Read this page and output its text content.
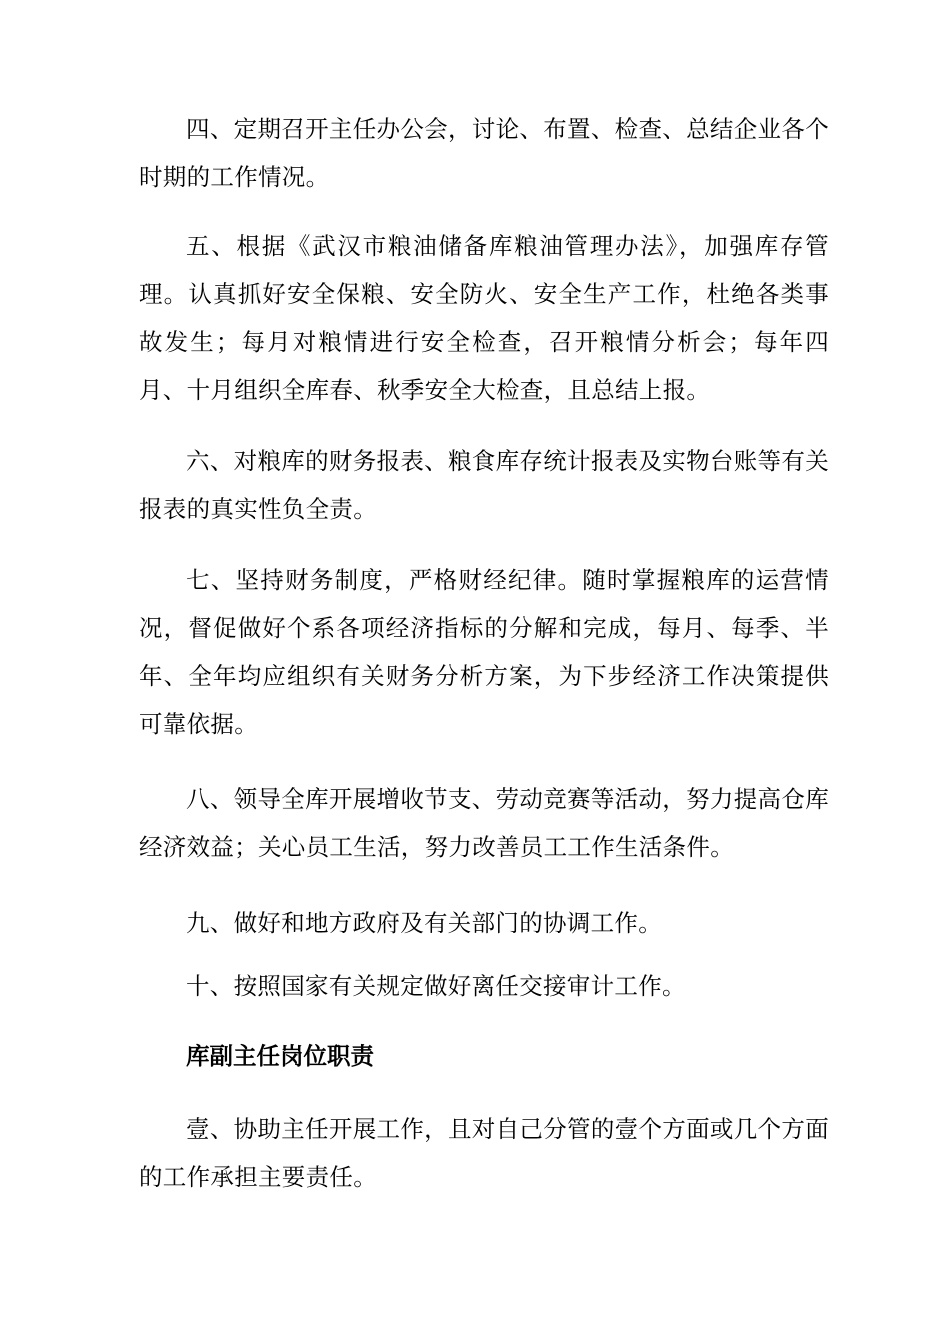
四、定期召开主任办公会，讨论、布置、检查、总结企业各个时期的工作情况。

五、根据《武汉市粮油储备库粮油管理办法》，加强库存管理。认真抓好安全保粮、安全防火、安全生产工作，杜绝各类事故发生；每月对粮情进行安全检查，召开粮情分析会；每年四月、十月组织全库春、秋季安全大检查，且总结上报。

六、对粮库的财务报表、粮食库存统计报表及实物台账等有关报表的真实性负全责。

七、坚持财务制度，严格财经纪律。随时掌握粮库的运营情况，督促做好个系各项经济指标的分解和完成，每月、每季、半年、全年均应组织有关财务分析方案，为下步经济工作决策提供可靠依据。

八、领导全库开展增收节支、劳动竞赛等活动，努力提高仓库经济效益；关心员工生活，努力改善员工工作生活条件。

九、做好和地方政府及有关部门的协调工作。

十、按照国家有关规定做好离任交接审计工作。

库副主任岗位职责

壹、协助主任开展工作，且对自己分管的壹个方面或几个方面的工作承担主要责任。
